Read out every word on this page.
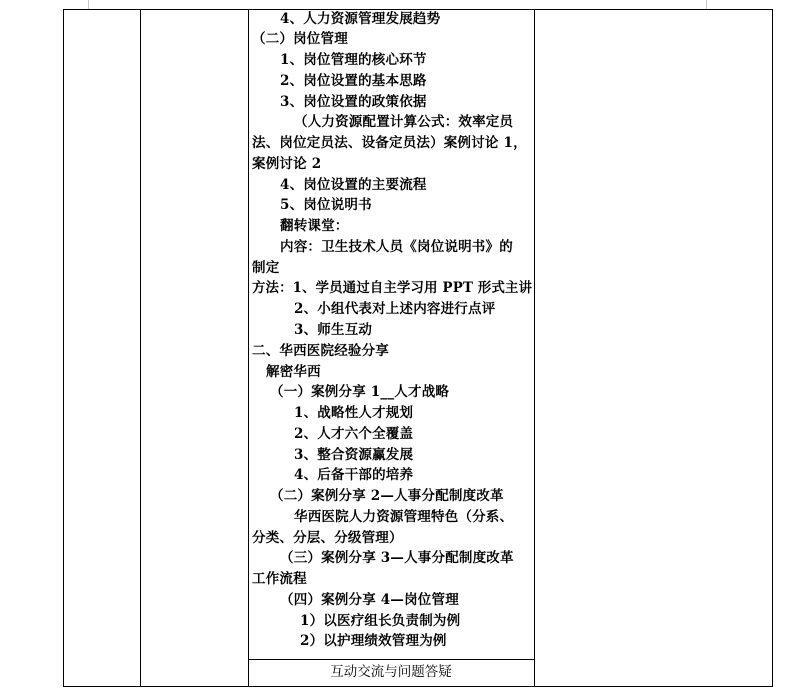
4、人力资源管理发展趋势
（二）岗位管理
1、岗位管理的核心环节
2、岗位设置的基本思路
3、岗位设置的政策依据
（人力资源配置计算公式：效率定员
法、岗位定员法、设备定员法）案例讨论 1，
案例讨论 2
4、岗位设置的主要流程
5、岗位说明书
翻转课堂：
内容：卫生技术人员《岗位说明书》的
制定
方法：1、学员通过自主学习用 PPT 形式主讲
2、小组代表对上述内容进行点评
3、师生互动
二、华西医院经验分享
解密华西
（一）案例分享 1__人才战略
1、战略性人才规划
2、人才六个全覆盖
3、整合资源赢发展
4、后备干部的培养
（二）案例分享 2—人事分配制度改革
华西医院人力资源管理特色（分系、
分类、分层、分级管理）
（三）案例分享 3—人事分配制度改革
工作流程
（四）案例分享 4—岗位管理
1）以医疗组长负责制为例
2）以护理绩效管理为例
互动交流与问题答疑
